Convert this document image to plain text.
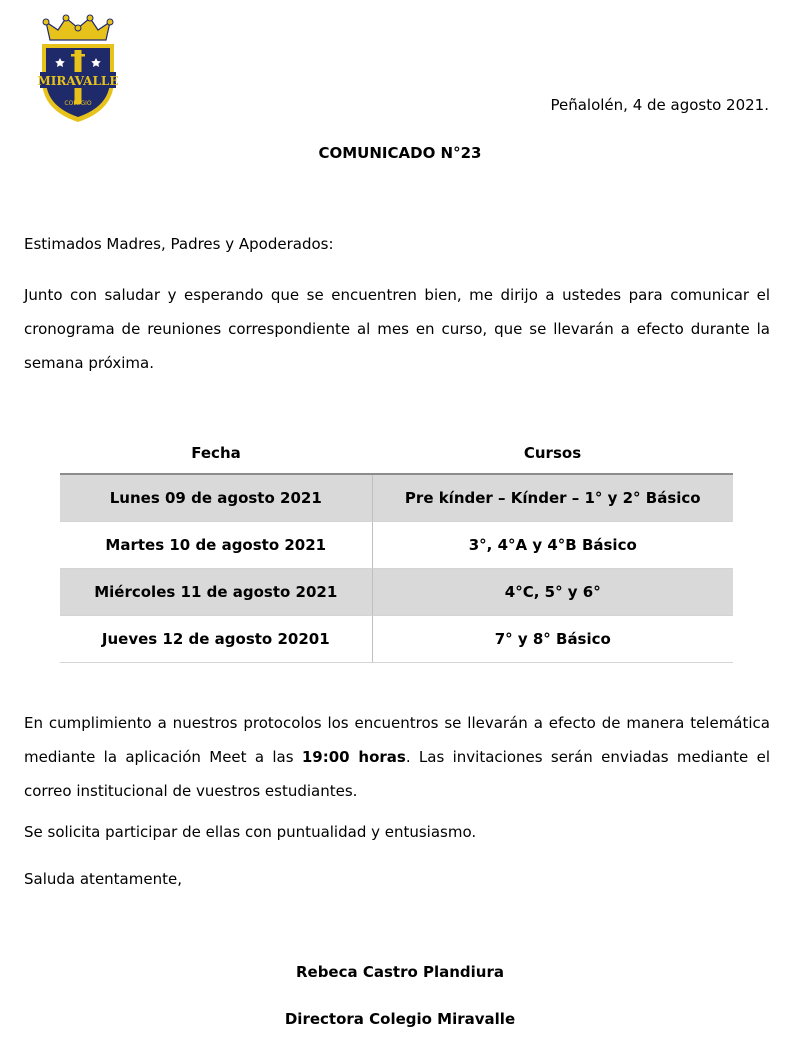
MIRAVALLE
COLEGIO	Peñalolén, 4 de agosto 2021.
COMUNICADO N°23
Estimados Madres, Padres y Apoderados:
Junto con saludar y esperando que se encuentren bien, me dirijo a ustedes para comunicar el cronograma de reuniones correspondiente al mes en curso, que se llevarán a efecto durante la semana próxima.
Fecha	Cursos
Lunes 09 de agosto 2021	Pre kínder – Kínder – 1° y 2° Básico
Martes 10 de agosto 2021	3°, 4°A y 4°B Básico
Miércoles 11 de agosto 2021	4°C, 5° y 6°
Jueves 12 de agosto 20201	7° y 8° Básico
En cumplimiento a nuestros protocolos los encuentros se llevarán a efecto de manera telemática mediante la aplicación Meet a las 19:00 horas. Las invitaciones serán enviadas mediante el correo institucional de vuestros estudiantes.
Se solicita participar de ellas con puntualidad y entusiasmo.
Saluda atentamente,
Rebeca Castro Plandiura
Directora Colegio Miravalle
